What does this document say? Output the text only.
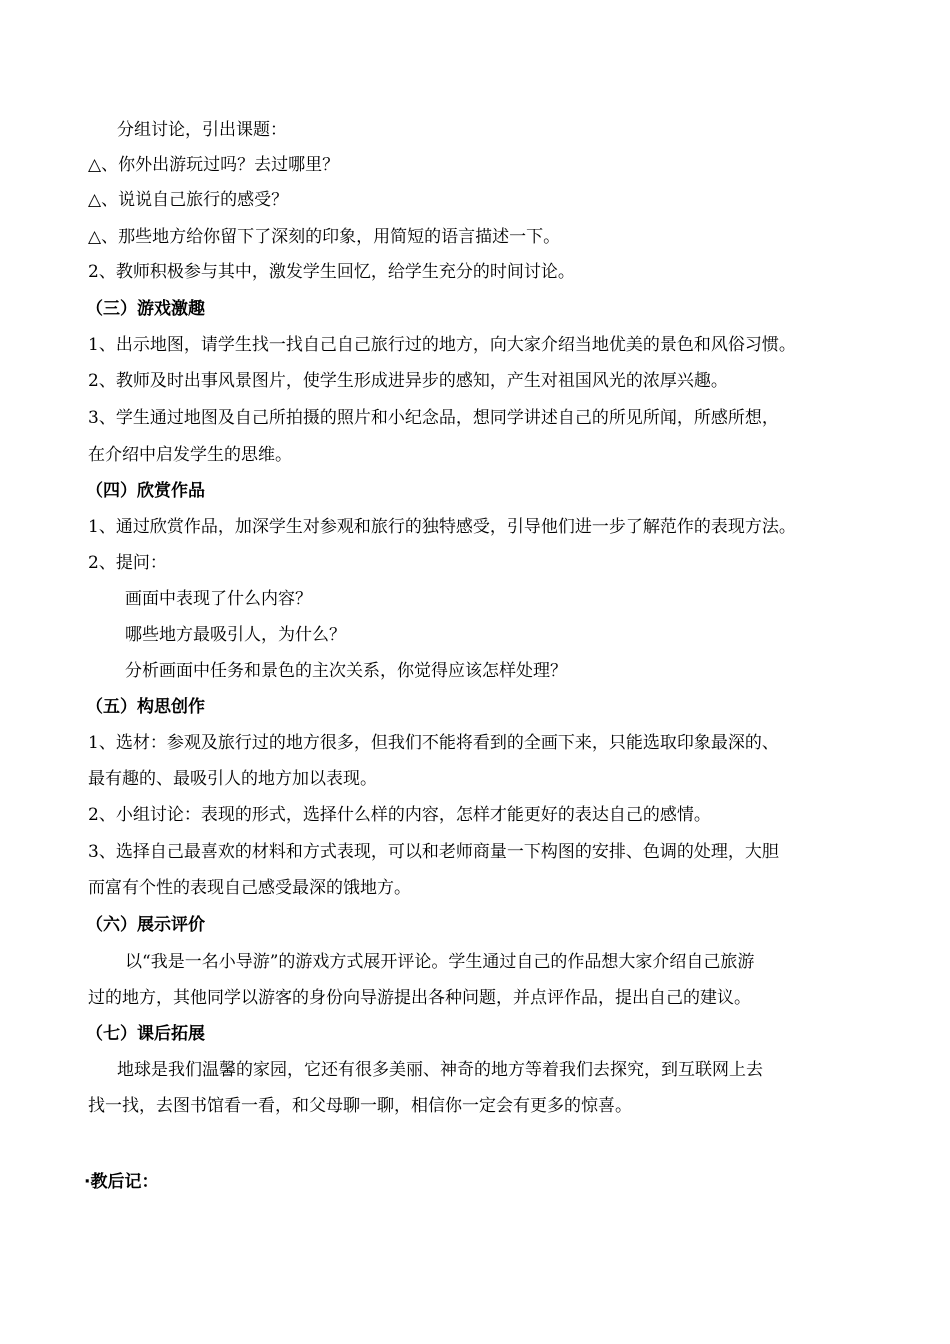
分组讨论，引出课题：
△、你外出游玩过吗？去过哪里？
△、说说自己旅行的感受？
△、那些地方给你留下了深刻的印象，用简短的语言描述一下。
2、教师积极参与其中，激发学生回忆，给学生充分的时间讨论。
（三）游戏激趣
1、出示地图，请学生找一找自己自己旅行过的地方，向大家介绍当地优美的景色和风俗习惯。
2、教师及时出事风景图片，使学生形成进异步的感知，产生对祖国风光的浓厚兴趣。
3、学生通过地图及自己所拍摄的照片和小纪念品，想同学讲述自己的所见所闻，所感所想，
在介绍中启发学生的思维。
（四）欣赏作品
1、通过欣赏作品，加深学生对参观和旅行的独特感受，引导他们进一步了解范作的表现方法。
2、提问：
画面中表现了什么内容？
哪些地方最吸引人，为什么？
分析画面中任务和景色的主次关系，你觉得应该怎样处理？
（五）构思创作
1、选材：参观及旅行过的地方很多，但我们不能将看到的全画下来，只能选取印象最深的、
最有趣的、最吸引人的地方加以表现。
2、小组讨论：表现的形式，选择什么样的内容，怎样才能更好的表达自己的感情。
3、选择自己最喜欢的材料和方式表现，可以和老师商量一下构图的安排、色调的处理，大胆
而富有个性的表现自己感受最深的饿地方。
（六）展示评价
以“我是一名小导游”的游戏方式展开评论。学生通过自己的作品想大家介绍自己旅游
过的地方，其他同学以游客的身份向导游提出各种问题，并点评作品，提出自己的建议。
（七）课后拓展
地球是我们温馨的家园，它还有很多美丽、神奇的地方等着我们去探究，到互联网上去
找一找，去图书馆看一看，和父母聊一聊，相信你一定会有更多的惊喜。
·教后记：
